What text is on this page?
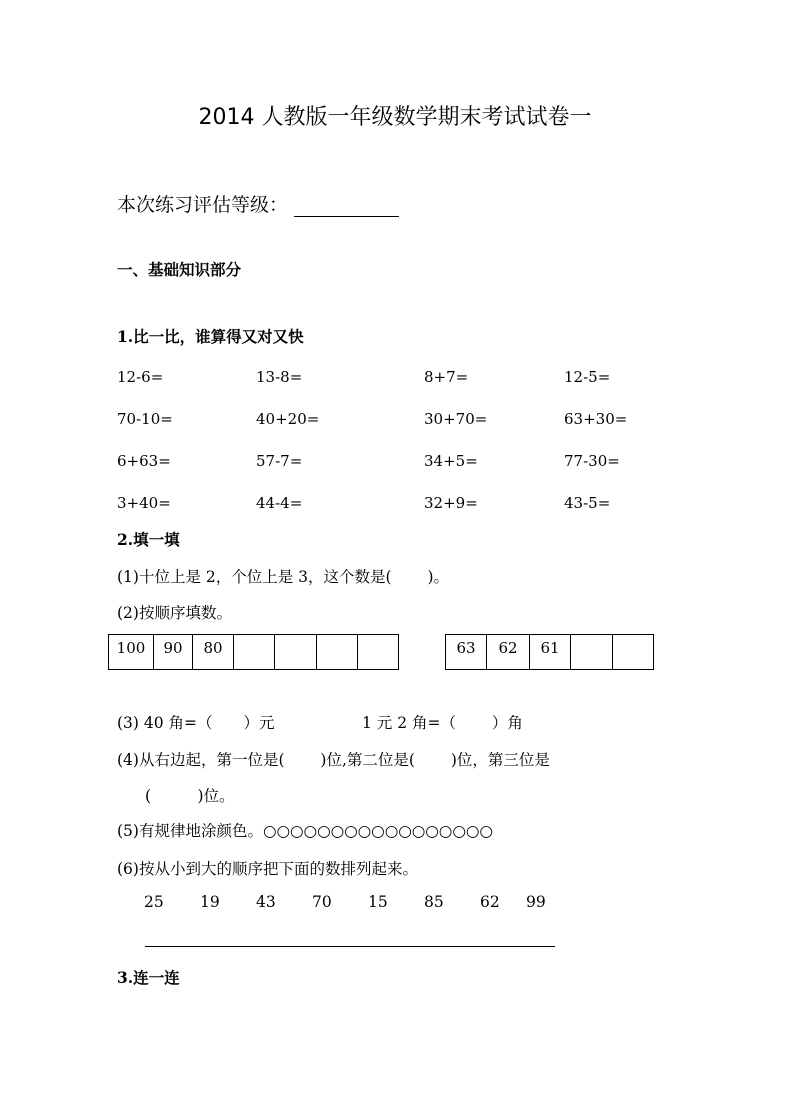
2014 人教版一年级数学期末考试试卷一
本次练习评估等级：
一、基础知识部分
1.比一比，谁算得又对又快
12-6=	13-8=	8+7=	12-5=
70-10=	40+20=	30+70=	63+30=
6+63=	57-7=	34+5=	77-30=
3+40=	44-4=	32+9=	43-5=
2.填一填
(1)十位上是 2，个位上是 3，这个数是(　　 )。
(2)按顺序填数。
100	90	80					63	62	61		
(3) 40 角=（　　）元	1 元 2 角=（　　 ）角
(4)从右边起，第一位是(　　 )位,第二位是(　　 )位，第三位是
(　　　)位。
(5)有规律地涂颜色。○○○○○○○○○○○○○○○○○
(6)按从小到大的顺序把下面的数排列起来。
25 19 43 70 15 85 62 99
3.连一连
